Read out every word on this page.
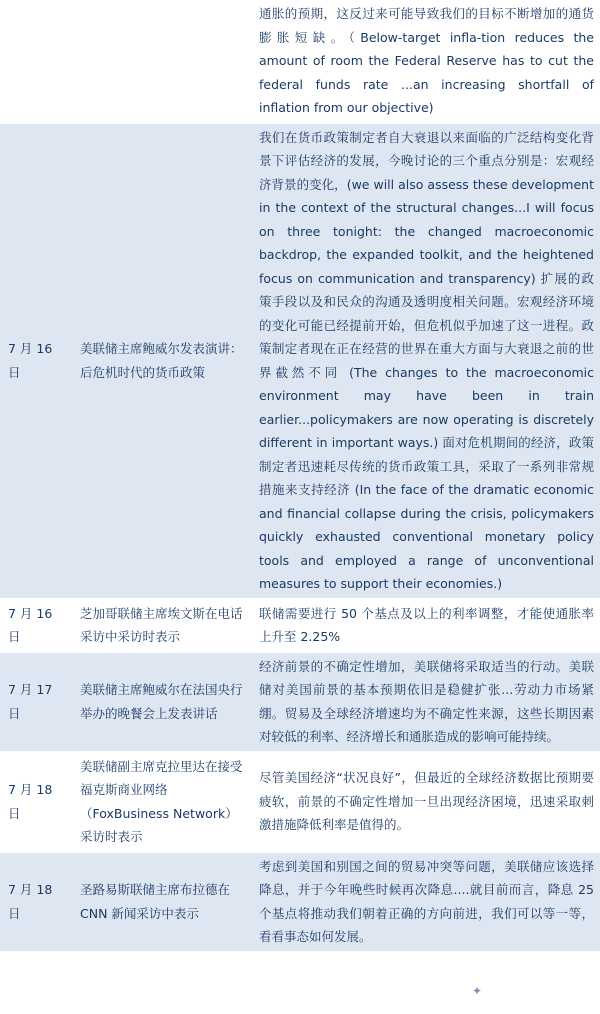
		通胀的预期，这反过来可能导致我们的目标不断增加的通货膨胀短缺。（Below-target infla-tion reduces the amount of room the Federal Reserve has to cut the federal funds rate ...an increasing shortfall of inflation from our objective)
7 月 16 日	美联储主席鲍威尔发表演讲：后危机时代的货币政策	我们在货币政策制定者自大衰退以来面临的广泛结构变化背景下评估经济的发展，今晚讨论的三个重点分别是：宏观经济背景的变化，(we will also assess these development in the context of the structural changes...I will focus on three tonight: the changed macroeconomic backdrop, the expanded toolkit, and the heightened focus on communication and transparency) 扩展的政策手段以及和民众的沟通及透明度相关问题。宏观经济环境的变化可能已经提前开始，但危机似乎加速了这一进程。政策制定者现在正在经营的世界在重大方面与大衰退之前的世界截然不同 (The changes to the macroeconomic environment may have been in train earlier...policymakers are now operating is discretely different in important ways.) 面对危机期间的经济，政策制定者迅速耗尽传统的货币政策工具，采取了一系列非常规措施来支持经济 (In the face of the dramatic economic and financial collapse during the crisis, policymakers quickly exhausted conventional monetary policy tools and employed a range of unconventional measures to support their economies.)
7 月 16 日	芝加哥联储主席埃文斯在电话采访中采访时表示	联储需要进行 50 个基点及以上的利率调整，才能使通胀率上升至 2.25%
7 月 17 日	美联储主席鲍威尔在法国央行举办的晚餐会上发表讲话	经济前景的不确定性增加，美联储将采取适当的行动。美联储对美国前景的基本预期依旧是稳健扩张...劳动力市场紧绷。贸易及全球经济增速均为不确定性来源，这些长期因素对较低的利率、经济增长和通胀造成的影响可能持续。
7 月 18 日	美联储副主席克拉里达在接受福克斯商业网络（FoxBusiness Network）采访时表示	尽管美国经济“状况良好”，但最近的全球经济数据比预期要疲软，前景的不确定性增加一旦出现经济困境，迅速采取刺激措施降低利率是值得的。
7 月 18 日	圣路易斯联储主席布拉德在 CNN 新闻采访中表示	考虑到美国和别国之间的贸易冲突等问题，美联储应该选择降息，并于今年晚些时候再次降息....就目前而言，降息 25 个基点将推动我们朝着正确的方向前进，我们可以等一等，看看事态如何发展。
✦ 申万宏源宏观
